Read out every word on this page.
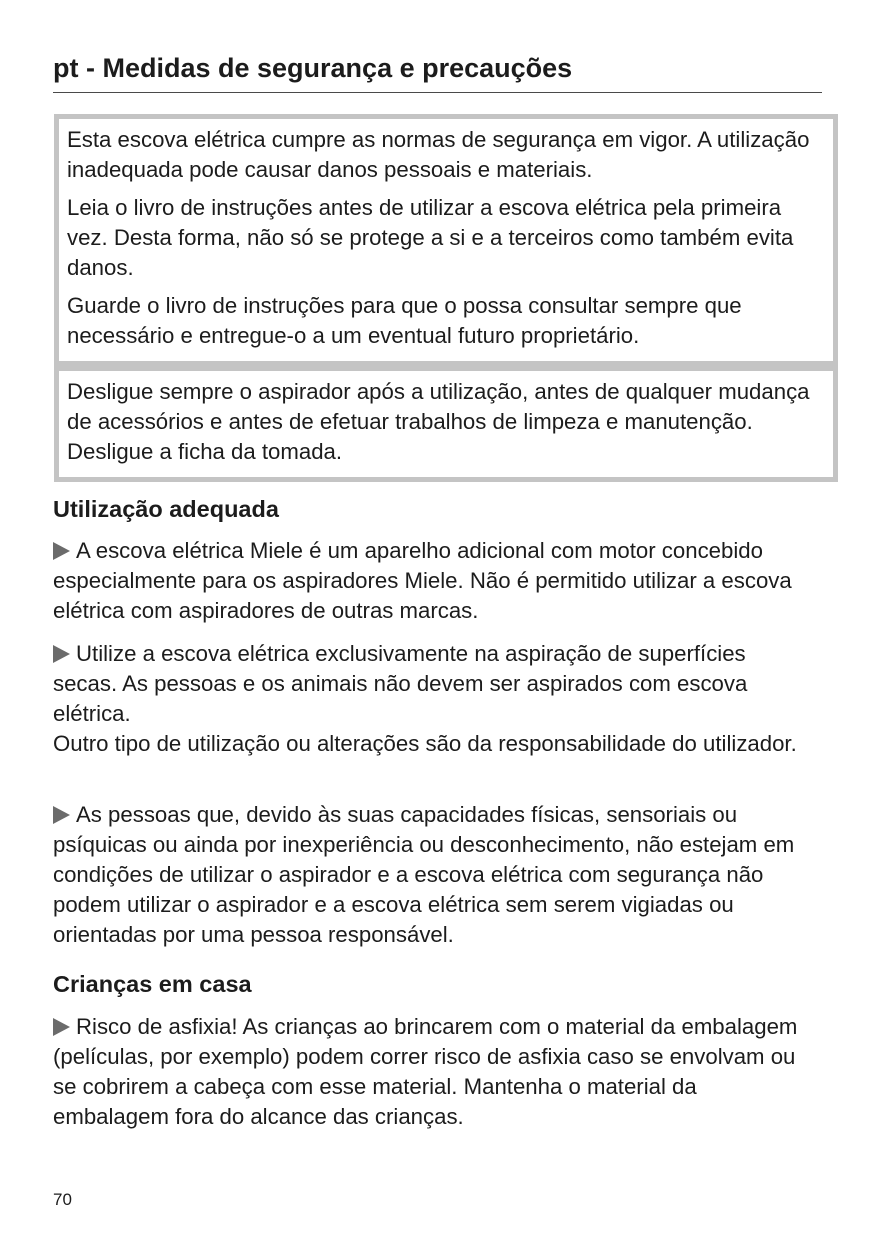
pt - Medidas de segurança e precauções

Esta escova elétrica cumpre as normas de segurança em vigor. A utilização inadequada pode causar danos pessoais e materiais.

Leia o livro de instruções antes de utilizar a escova elétrica pela primeira vez. Desta forma, não só se protege a si e a terceiros como também evita danos.

Guarde o livro de instruções para que o possa consultar sempre que necessário e entregue-o a um eventual futuro proprietário.

Desligue sempre o aspirador após a utilização, antes de qualquer mudança de acessórios e antes de efetuar trabalhos de limpeza e manutenção. Desligue a ficha da tomada.

Utilização adequada

A escova elétrica Miele é um aparelho adicional com motor concebido especialmente para os aspiradores Miele. Não é permitido utilizar a escova elétrica com aspiradores de outras marcas.

Utilize a escova elétrica exclusivamente na aspiração de superfícies secas. As pessoas e os animais não devem ser aspirados com escova elétrica.
Outro tipo de utilização ou alterações são da responsabilidade do utilizador.

As pessoas que, devido às suas capacidades físicas, sensoriais ou psíquicas ou ainda por inexperiência ou desconhecimento, não estejam em condições de utilizar o aspirador e a escova elétrica com segurança não podem utilizar o aspirador e a escova elétrica sem serem vigiadas ou orientadas por uma pessoa responsável.

Crianças em casa

Risco de asfixia! As crianças ao brincarem com o material da embalagem (películas, por exemplo) podem correr risco de asfixia caso se envolvam ou se cobrirem a cabeça com esse material. Mantenha o material da embalagem fora do alcance das crianças.

70
